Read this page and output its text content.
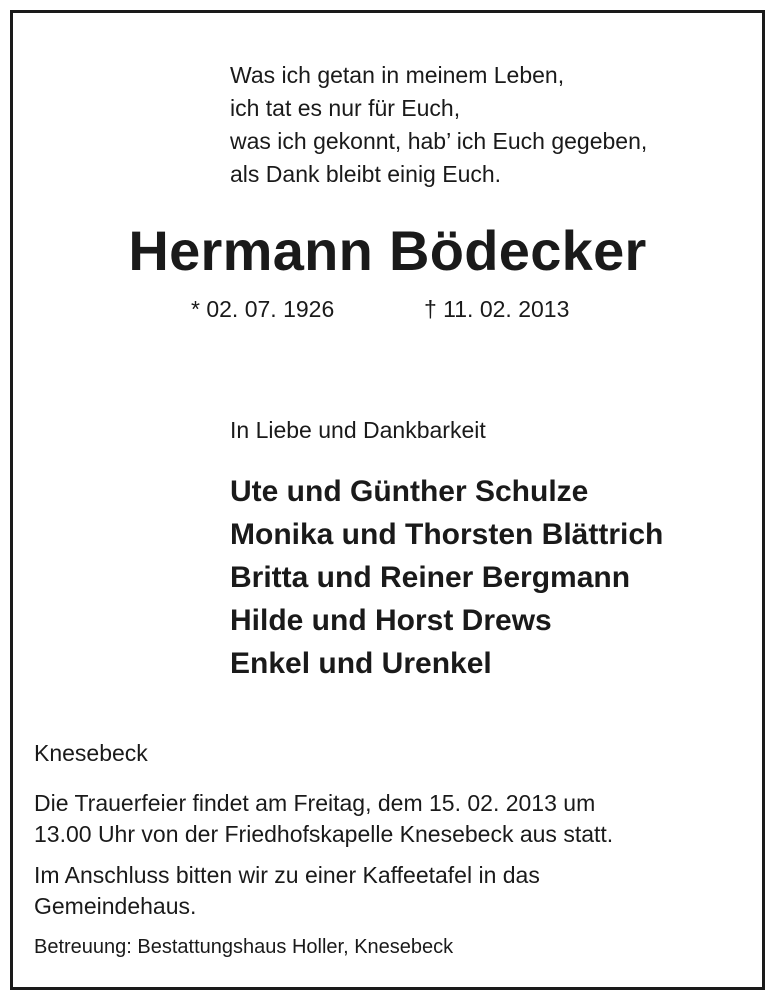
Was ich getan in meinem Leben,
ich tat es nur für Euch,
was ich gekonnt, hab’ ich Euch gegeben,
als Dank bleibt einig Euch.
Hermann Bödecker
* 02. 07. 1926	† 11. 02. 2013
In Liebe und Dankbarkeit
Ute und Günther Schulze
Monika und Thorsten Blättrich
Britta und Reiner Bergmann
Hilde und Horst Drews
Enkel und Urenkel
Knesebeck
Die Trauerfeier findet am Freitag, dem 15. 02. 2013 um
13.00 Uhr von der Friedhofskapelle Knesebeck aus statt.
Im Anschluss bitten wir zu einer Kaffeetafel in das
Gemeindehaus.
Betreuung: Bestattungshaus Holler, Knesebeck
